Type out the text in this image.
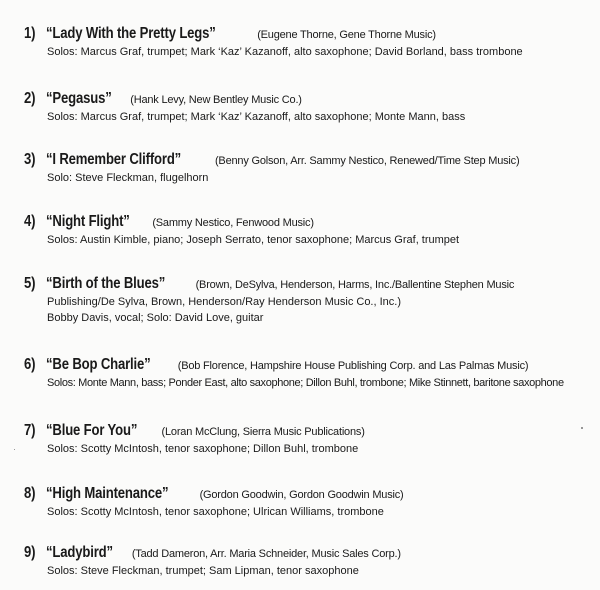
1) “Lady With the Pretty Legs”	(Eugene Thorne, Gene Thorne Music)
Solos: Marcus Graf, trumpet; Mark ‘Kaz’ Kazanoff, alto saxophone; David Borland, bass trombone
2) “Pegasus” (Hank Levy, New Bentley Music Co.)
Solos: Marcus Graf, trumpet; Mark ‘Kaz’ Kazanoff, alto saxophone; Monte Mann, bass
3) “I Remember Clifford”	(Benny Golson, Arr. Sammy Nestico, Renewed/Time Step Music)
Solo: Steve Fleckman, flugelhorn
4) “Night Flight” (Sammy Nestico, Fenwood Music)
Solos: Austin Kimble, piano; Joseph Serrato, tenor saxophone; Marcus Graf, trumpet
5) “Birth of the Blues”	(Brown, DeSylva, Henderson, Harms, Inc./Ballentine Stephen Music
Publishing/De Sylva, Brown, Henderson/Ray Henderson Music Co., Inc.)
Bobby Davis, vocal; Solo: David Love, guitar
6) “Be Bop Charlie” (Bob Florence, Hampshire House Publishing Corp. and Las Palmas Music)
Solos: Monte Mann, bass; Ponder East, alto saxophone; Dillon Buhl, trombone; Mike Stinnett, baritone saxophone
7) “Blue For You” (Loran McClung, Sierra Music Publications)
Solos: Scotty McIntosh, tenor saxophone; Dillon Buhl, trombone
8) “High Maintenance”	(Gordon Goodwin, Gordon Goodwin Music)
Solos: Scotty McIntosh, tenor saxophone; Ulrican Williams, trombone
9) “Ladybird” (Tadd Dameron, Arr. Maria Schneider, Music Sales Corp.)
Solos: Steve Fleckman, trumpet; Sam Lipman, tenor saxophone
